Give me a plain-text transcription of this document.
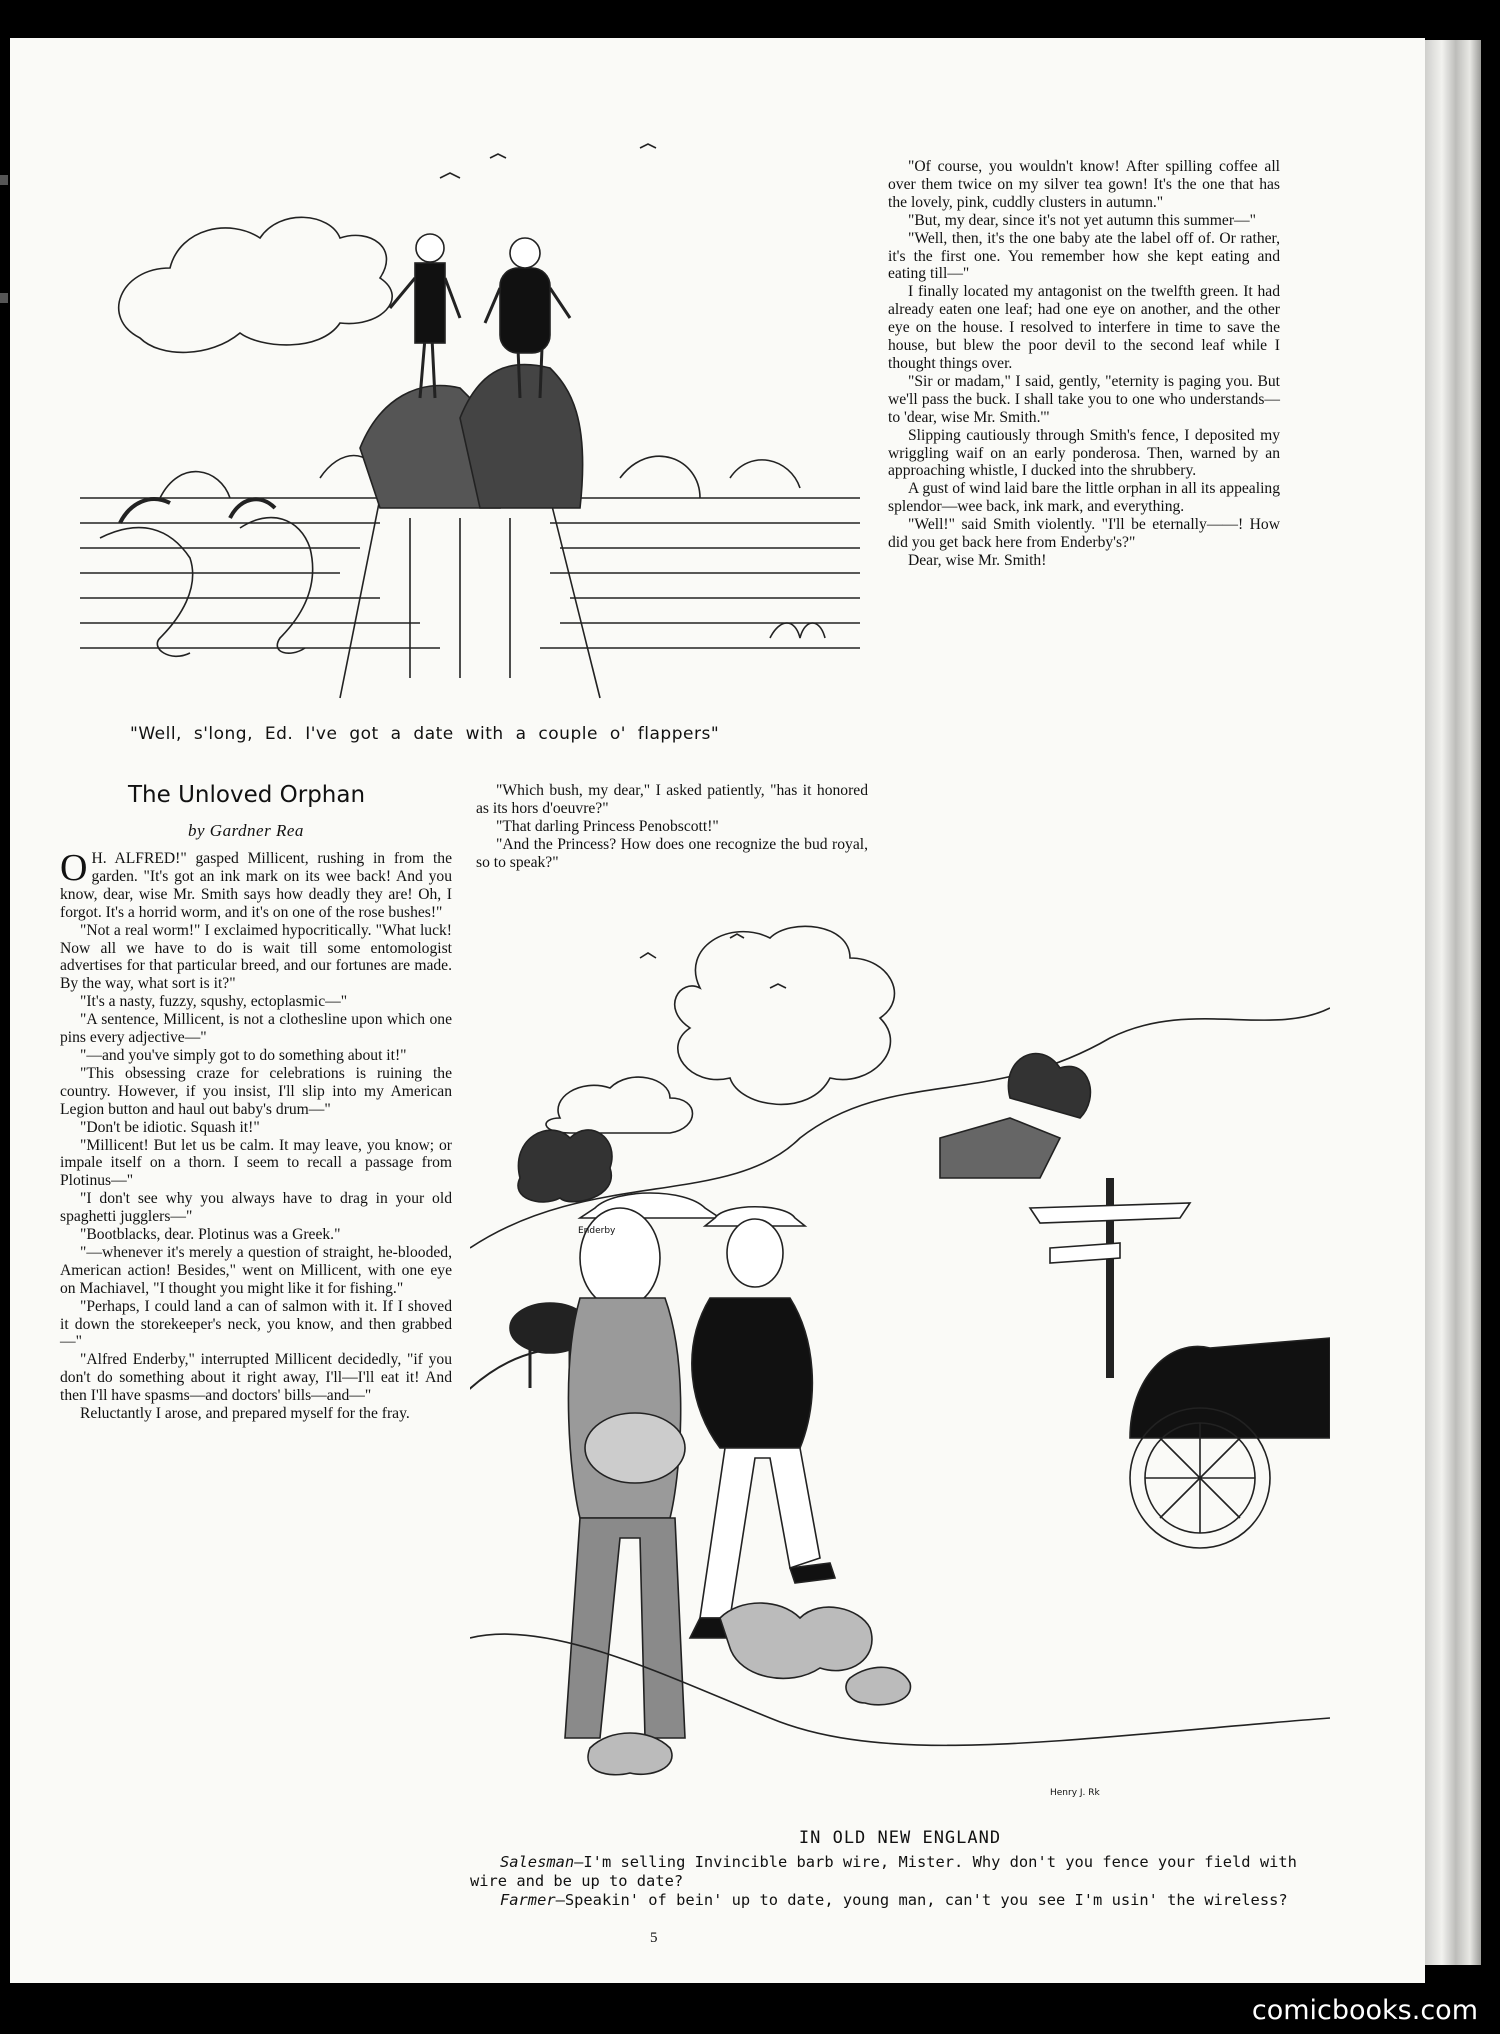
"Well, s'long, Ed. I've got a date with a couple o' flappers"
The Unloved Orphan
by Gardner Rea

O H. ALFRED!" gasped Millicent, rushing in from the garden. "It's got an ink mark on its wee back! And you know, dear, wise Mr. Smith says how deadly they are! Oh, I forgot. It's a horrid worm, and it's on one of the rose bushes!"

"Not a real worm!" I exclaimed hypocritically. "What luck! Now all we have to do is wait till some entomologist advertises for that particular breed, and our fortunes are made. By the way, what sort is it?"

"It's a nasty, fuzzy, squshy, ectoplasmic—"

"A sentence, Millicent, is not a clothesline upon which one pins every adjective—"

"—and you've simply got to do something about it!"

"This obsessing craze for celebrations is ruining the country. However, if you insist, I'll slip into my American Legion button and haul out baby's drum—"

"Don't be idiotic. Squash it!"

"Millicent! But let us be calm. It may leave, you know; or impale itself on a thorn. I seem to recall a passage from Plotinus—"

"I don't see why you always have to drag in your old spaghetti jugglers—"

"Bootblacks, dear. Plotinus was a Greek."

"—whenever it's merely a question of straight, he-blooded, American action! Besides," went on Millicent, with one eye on Machiavel, "I thought you might like it for fishing."

"Perhaps, I could land a can of salmon with it. If I shoved it down the storekeeper's neck, you know, and then grabbed—"

"Alfred Enderby," interrupted Millicent decidedly, "if you don't do something about it right away, I'll—I'll eat it! And then I'll have spasms—and doctors' bills—and—"

Reluctantly I arose, and prepared myself for the fray.

"Which bush, my dear," I asked patiently, "has it honored as its hors d'oeuvre?"

"That darling Princess Penobscott!"

"And the Princess? How does one recognize the bud royal, so to speak?"

"Of course, you wouldn't know! After spilling coffee all over them twice on my silver tea gown! It's the one that has the lovely, pink, cuddly clusters in autumn."

"But, my dear, since it's not yet autumn this summer—"

"Well, then, it's the one baby ate the label off of. Or rather, it's the first one. You remember how she kept eating and eating till—"

I finally located my antagonist on the twelfth green. It had already eaten one leaf; had one eye on another, and the other eye on the house. I resolved to interfere in time to save the house, but blew the poor devil to the second leaf while I thought things over.

"Sir or madam," I said, gently, "eternity is paging you. But we'll pass the buck. I shall take you to one who understands—to 'dear, wise Mr. Smith.'"

Slipping cautiously through Smith's fence, I deposited my wriggling waif on an early ponderosa. Then, warned by an approaching whistle, I ducked into the shrubbery.

A gust of wind laid bare the little orphan in all its appealing splendor—wee back, ink mark, and everything.

"Well!" said Smith violently. "I'll be eternally——! How did you get back here from Enderby's?"

Dear, wise Mr. Smith!

Enderby
Henry J. Rk
IN OLD NEW ENGLAND

Salesman—I'm selling Invincible barb wire, Mister. Why don't you fence your field with wire and be up to date?

Farmer—Speakin' of bein' up to date, young man, can't you see I'm usin' the wireless?

5
comicbooks.com
